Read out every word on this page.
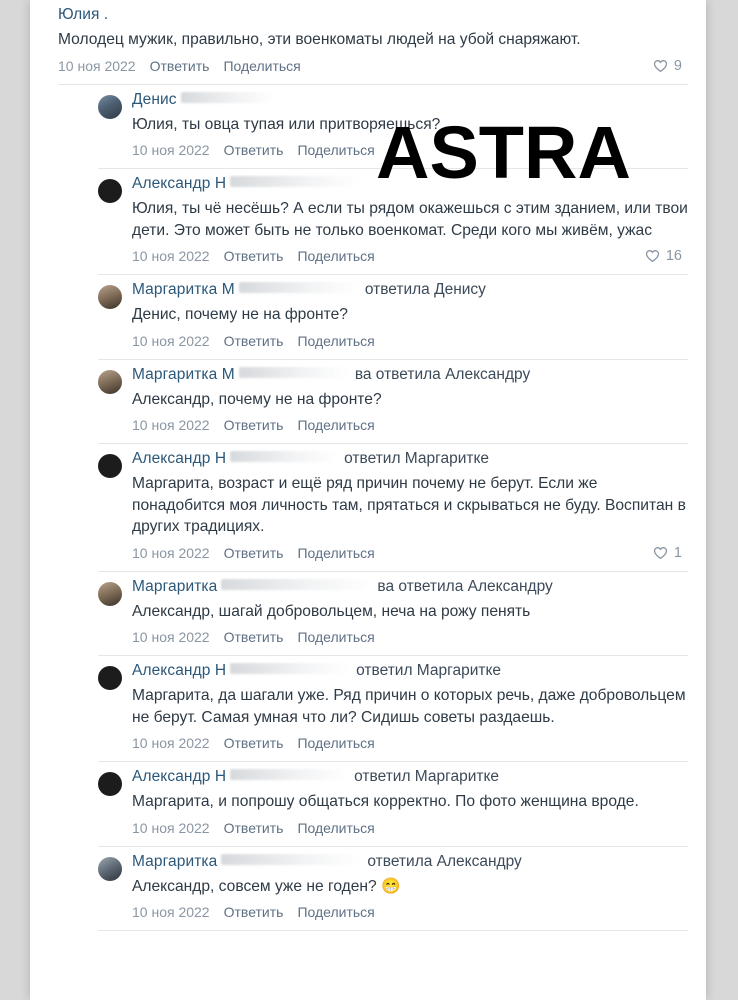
Юлия .
Молодец мужик, правильно, эти военкоматы людей на убой снаряжают.
10 ноя 2022 Ответить Поделиться	9
Денис
Юлия, ты овца тупая или притворяешься?
10 ноя 2022 Ответить Поделиться
Александр Н
Юлия, ты чё несёшь? А если ты рядом окажешься с этим зданием, или твои дети. Это может быть не только военкомат. Среди кого мы живём, ужас
10 ноя 2022 Ответить Поделиться	16
Маргаритка М	ответила Денису
Денис, почему не на фронте?
10 ноя 2022 Ответить Поделиться
Маргаритка М	ва ответила Александру
Александр, почему не на фронте?
10 ноя 2022 Ответить Поделиться
Александр Н	ответил Маргаритке
Маргарита, возраст и ещё ряд причин почему не берут. Если же понадобится моя личность там, прятаться и скрываться не буду. Воспитан в других традициях.
10 ноя 2022 Ответить Поделиться	1
Маргаритка	ва ответила Александру
Александр, шагай добровольцем, неча на рожу пенять
10 ноя 2022 Ответить Поделиться
Александр Н	ответил Маргаритке
Маргарита, да шагали уже. Ряд причин о которых речь, даже добровольцем не берут. Самая умная что ли? Сидишь советы раздаешь.
10 ноя 2022 Ответить Поделиться
Александр Н	ответил Маргаритке
Маргарита, и попрошу общаться корректно. По фото женщина вроде.
10 ноя 2022 Ответить Поделиться
Маргаритка	ответила Александру
Александр, совсем уже не годен? 😁
10 ноя 2022 Ответить Поделиться
ASTRA
